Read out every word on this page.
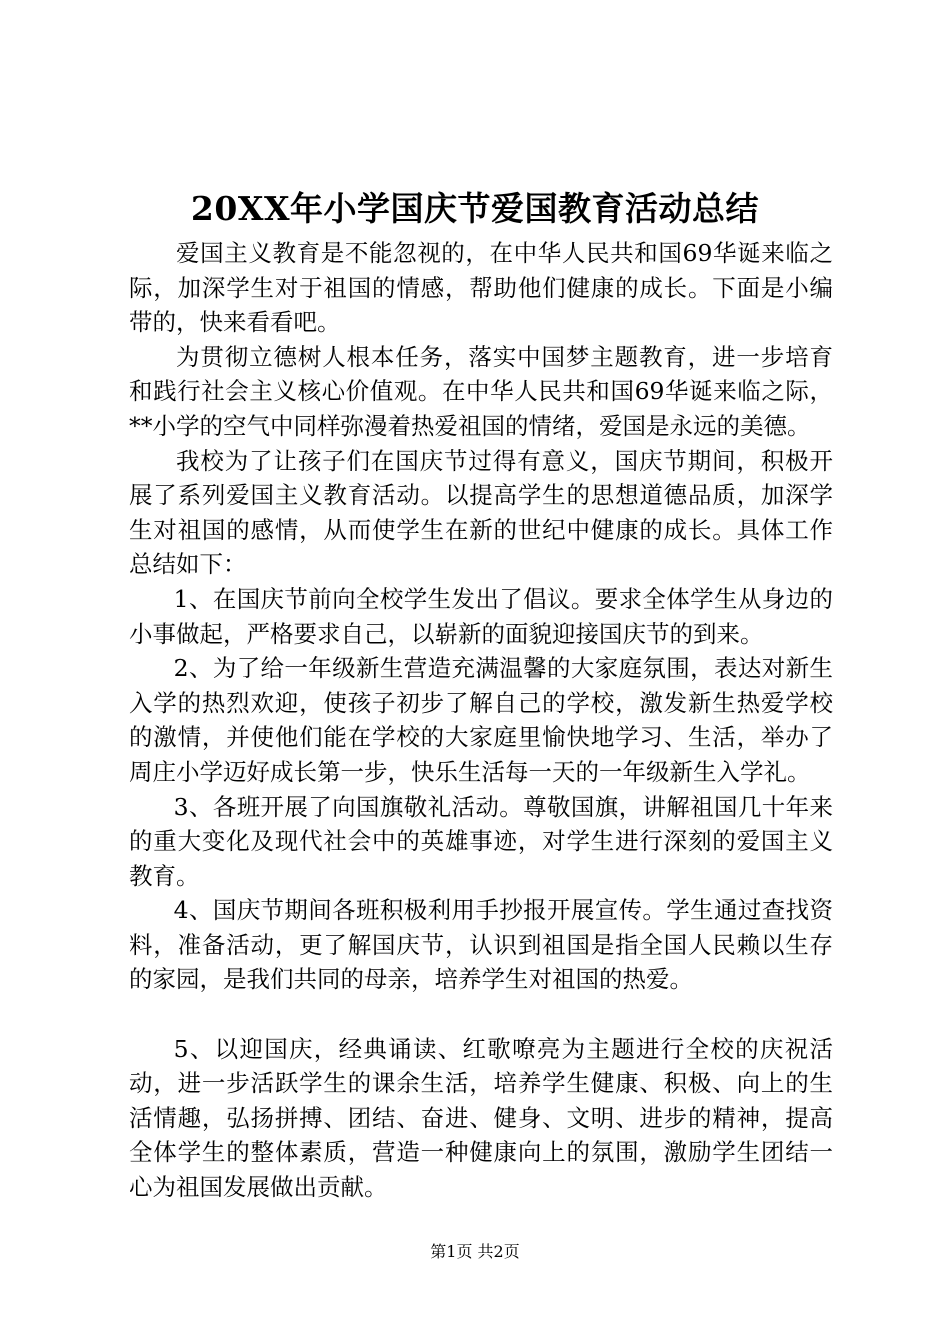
20XX年小学国庆节爱国教育活动总结

爱国主义教育是不能忽视的，在中华人民共和国69华诞来临之际，加深学生对于祖国的情感，帮助他们健康的成长。下面是小编带的，快来看看吧。

为贯彻立德树人根本任务，落实中国梦主题教育，进一步培育和践行社会主义核心价值观。在中华人民共和国69华诞来临之际，**小学的空气中同样弥漫着热爱祖国的情绪，爱国是永远的美德。

我校为了让孩子们在国庆节过得有意义，国庆节期间，积极开展了系列爱国主义教育活动。以提高学生的思想道德品质，加深学生对祖国的感情，从而使学生在新的世纪中健康的成长。具体工作总结如下：

1、在国庆节前向全校学生发出了倡议。要求全体学生从身边的小事做起，严格要求自己，以崭新的面貌迎接国庆节的到来。

2、为了给一年级新生营造充满温馨的大家庭氛围，表达对新生入学的热烈欢迎，使孩子初步了解自己的学校，激发新生热爱学校的激情，并使他们能在学校的大家庭里愉快地学习、生活，举办了周庄小学迈好成长第一步，快乐生活每一天的一年级新生入学礼。

3、各班开展了向国旗敬礼活动。尊敬国旗，讲解祖国几十年来的重大变化及现代社会中的英雄事迹，对学生进行深刻的爱国主义教育。

4、国庆节期间各班积极利用手抄报开展宣传。学生通过查找资料，准备活动，更了解国庆节，认识到祖国是指全国人民赖以生存的家园，是我们共同的母亲，培养学生对祖国的热爱。

5、以迎国庆，经典诵读、红歌嘹亮为主题进行全校的庆祝活动，进一步活跃学生的课余生活，培养学生健康、积极、向上的生活情趣，弘扬拼搏、团结、奋进、健身、文明、进步的精神，提高全体学生的整体素质，营造一种健康向上的氛围，激励学生团结一心为祖国发展做出贡献。

第1页 共2页
